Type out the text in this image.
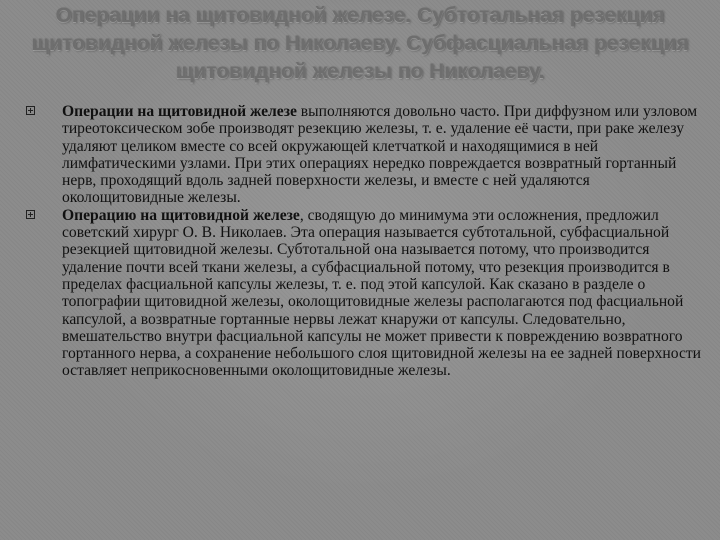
Операции на щитовидной железе. Субтотальная резекция щитовидной железы по Николаеву. Субфасциальная резекция щитовидной железы по Николаеву.
Операции на щитовидной железе выполняются довольно часто. При диффузном или узловом тиреотоксическом зобе производят резекцию железы, т. е. удаление её части, при раке железу удаляют целиком вместе со всей окружающей клетчаткой и находящимися в ней лимфатическими узлами. При этих операциях нередко повреждается возвратный гортанный нерв, проходящий вдоль задней поверхности железы, и вместе с ней удаляются околощитовидные железы.
Операцию на щитовидной железе, сводящую до минимума эти осложнения, предложил советский хирург О. В. Николаев. Эта операция называется субтотальной, субфасциальной резекцией щитовидной железы. Субтотальной она называется потому, что производится удаление почти всей ткани железы, а субфасциальной потому, что резекция производится в пределах фасциальной капсулы железы, т. е. под этой капсулой. Как сказано в разделе о топографии щитовидной железы, околощитовидные железы располагаются под фасциальной капсулой, а возвратные гортанные нервы лежат кнаружи от капсулы. Следовательно, вмешательство внутри фасциальной капсулы не может привести к повреждению возвратного гортанного нерва, а сохранение небольшого слоя щитовидной железы на ее задней поверхности оставляет неприкосновенными околощитовидные железы.
